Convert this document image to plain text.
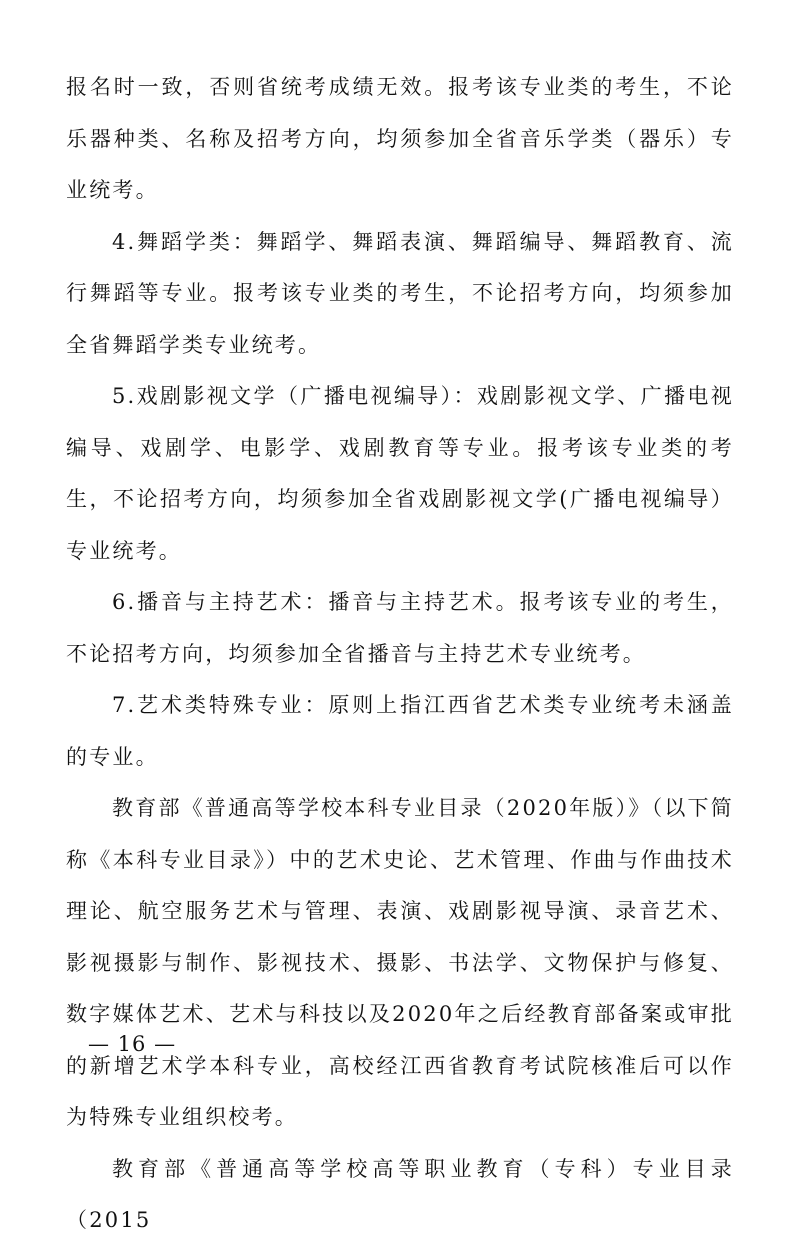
报名时一致，否则省统考成绩无效。报考该专业类的考生，不论乐器种类、名称及招考方向，均须参加全省音乐学类（器乐）专业统考。

4.舞蹈学类：舞蹈学、舞蹈表演、舞蹈编导、舞蹈教育、流行舞蹈等专业。报考该专业类的考生，不论招考方向，均须参加全省舞蹈学类专业统考。

5.戏剧影视文学（广播电视编导）：戏剧影视文学、广播电视编导、戏剧学、电影学、戏剧教育等专业。报考该专业类的考生，不论招考方向，均须参加全省戏剧影视文学(广播电视编导）专业统考。

6.播音与主持艺术：播音与主持艺术。报考该专业的考生，不论招考方向，均须参加全省播音与主持艺术专业统考。

7.艺术类特殊专业：原则上指江西省艺术类专业统考未涵盖的专业。

教育部《普通高等学校本科专业目录（2020年版）》（以下简称《本科专业目录》）中的艺术史论、艺术管理、作曲与作曲技术理论、航空服务艺术与管理、表演、戏剧影视导演、录音艺术、影视摄影与制作、影视技术、摄影、书法学、文物保护与修复、数字媒体艺术、艺术与科技以及2020年之后经教育部备案或审批的新增艺术学本科专业，高校经江西省教育考试院核准后可以作为特殊专业组织校考。

教育部《普通高等学校高等职业教育（专科）专业目录（2015

— 16 —
